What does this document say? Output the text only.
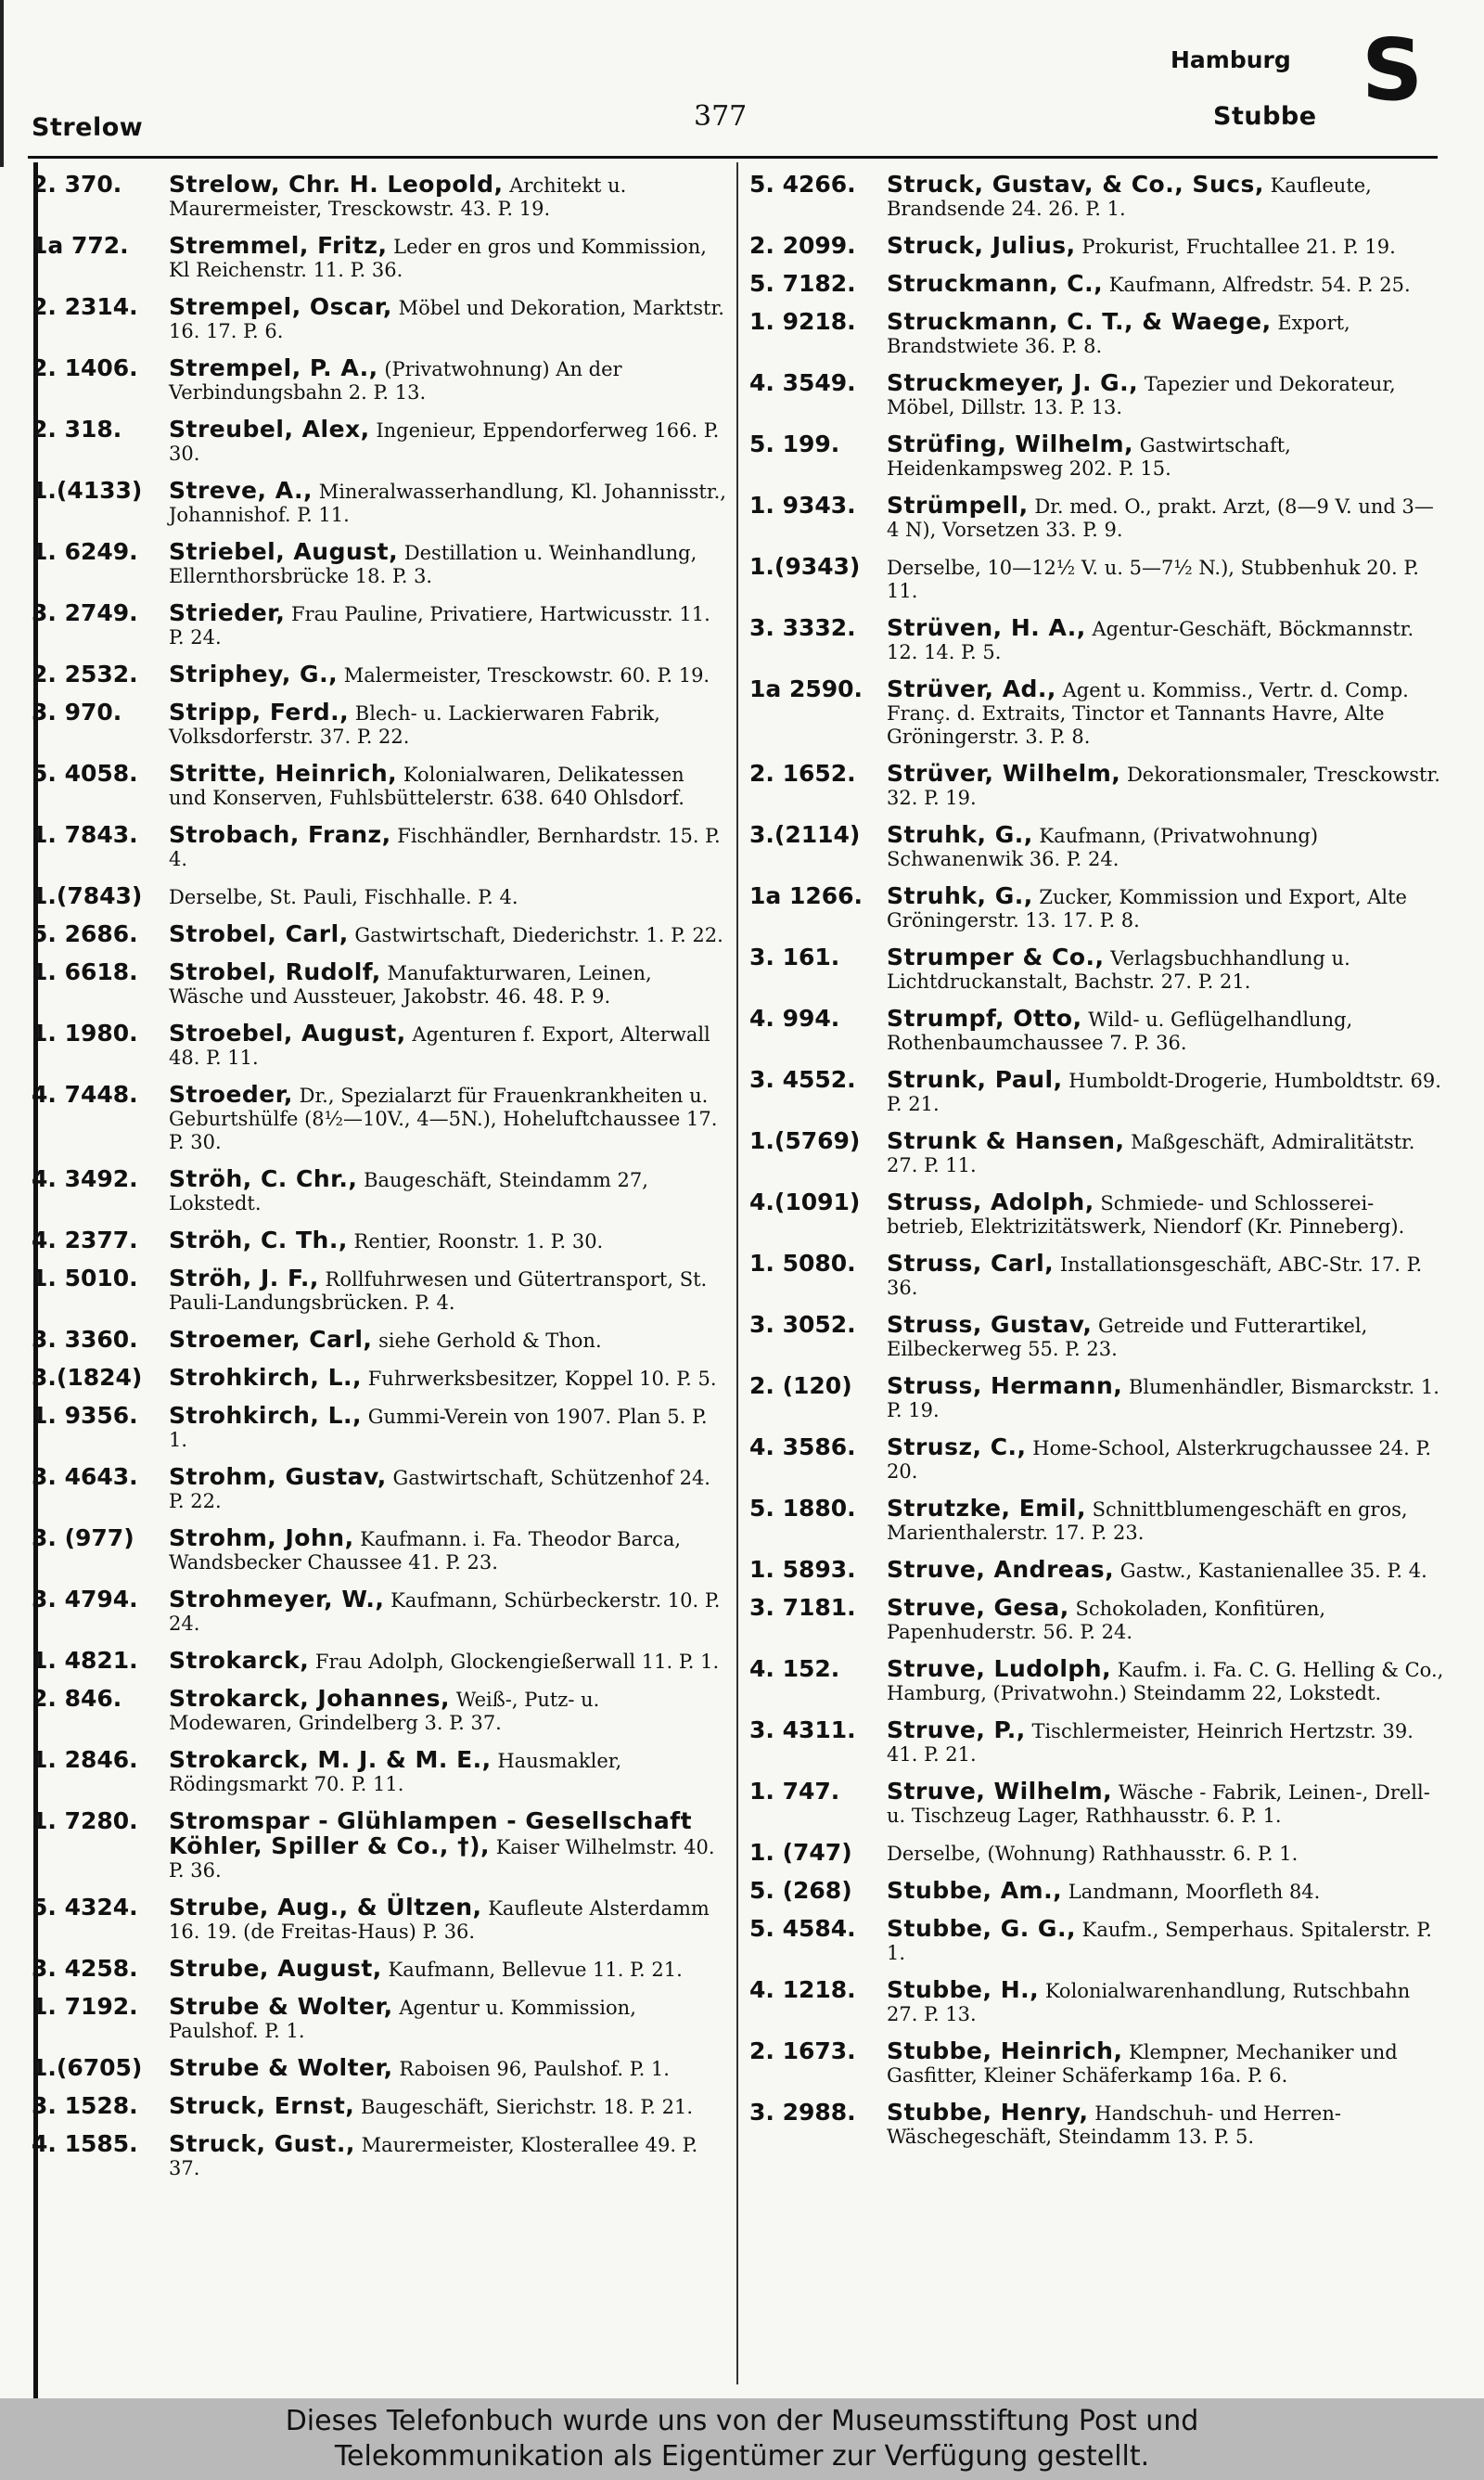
Strelow	377
Hamburg
Stubbe S
2. 370.	Strelow, Chr. H. Leopold, Architekt u. Maurermeister, Tresckowstr. 43. P. 19.
1a 772.	Stremmel, Fritz, Leder en gros und Kommission, Kl Reichenstr. 11. P. 36.
2. 2314.	Strempel, Oscar, Möbel und Dekoration, Marktstr. 16. 17. P. 6.
2. 1406.	Strempel, P. A., (Privatwohnung) An der Verbindungsbahn 2. P. 13.
2. 318.	Streubel, Alex, Ingenieur, Eppendorferweg 166. P. 30.
1.(4133)	Streve, A., Mineralwasserhandlung, Kl. Johannisstr., Johannishof. P. 11.
1. 6249.	Striebel, August, Destillation u. Weinhandlung, Ellernthorsbrücke 18. P. 3.
3. 2749.	Strieder, Frau Pauline, Privatiere, Hartwicusstr. 11. P. 24.
2. 2532.	Striphey, G., Malermeister, Tresckowstr. 60. P. 19.
3. 970.	Stripp, Ferd., Blech- u. Lackierwaren Fabrik, Volksdorferstr. 37. P. 22.
5. 4058.	Stritte, Heinrich, Kolonialwaren, Delikatessen und Konserven, Fuhlsbüttelerstr. 638. 640 Ohlsdorf.
1. 7843.	Strobach, Franz, Fischhändler, Bernhardstr. 15. P. 4.
1.(7843)	Derselbe, St. Pauli, Fischhalle. P. 4.
5. 2686.	Strobel, Carl, Gastwirtschaft, Diederichstr. 1. P. 22.
1. 6618.	Strobel, Rudolf, Manufakturwaren, Leinen, Wäsche und Aussteuer, Jakobstr. 46. 48. P. 9.
1. 1980.	Stroebel, August, Agenturen f. Export, Alterwall 48. P. 11.
4. 7448.	Stroeder, Dr., Spezialarzt für Frauenkrankheiten u. Geburtshülfe (8½—10V., 4—5N.), Hoheluftchaussee 17. P. 30.
4. 3492.	Ströh, C. Chr., Baugeschäft, Steindamm 27, Lokstedt.
4. 2377.	Ströh, C. Th., Rentier, Roonstr. 1. P. 30.
1. 5010.	Ströh, J. F., Rollfuhrwesen und Gütertransport, St. Pauli-Landungsbrücken. P. 4.
3. 3360.	Stroemer, Carl, siehe Gerhold & Thon.
3.(1824)	Strohkirch, L., Fuhrwerksbesitzer, Koppel 10. P. 5.
1. 9356.	Strohkirch, L., Gummi-Verein von 1907. Plan 5. P. 1.
3. 4643.	Strohm, Gustav, Gastwirtschaft, Schützenhof 24. P. 22.
3. (977)	Strohm, John, Kaufmann. i. Fa. Theodor Barca, Wandsbecker Chaussee 41. P. 23.
3. 4794.	Strohmeyer, W., Kaufmann, Schürbeckerstr. 10. P. 24.
1. 4821.	Strokarck, Frau Adolph, Glockengießerwall 11. P. 1.
2. 846.	Strokarck, Johannes, Weiß-, Putz- u. Modewaren, Grindelberg 3. P. 37.
1. 2846.	Strokarck, M. J. & M. E., Hausmakler, Rödingsmarkt 70. P. 11.
1. 7280.	Stromspar - Glühlampen - Gesellschaft Köhler, Spiller & Co., †), Kaiser Wilhelmstr. 40. P. 36.
5. 4324.	Strube, Aug., & Ültzen, Kaufleute Alsterdamm 16. 19. (de Freitas-Haus) P. 36.
3. 4258.	Strube, August, Kaufmann, Bellevue 11. P. 21.
1. 7192.	Strube & Wolter, Agentur u. Kommission, Paulshof. P. 1.
1.(6705)	Strube & Wolter, Raboisen 96, Paulshof. P. 1.
3. 1528.	Struck, Ernst, Baugeschäft, Sierichstr. 18. P. 21.
4. 1585.	Struck, Gust., Maurermeister, Klosterallee 49. P. 37.
5. 4266.	Struck, Gustav, & Co., Sucs, Kaufleute, Brandsende 24. 26. P. 1.
2. 2099.	Struck, Julius, Prokurist, Fruchtallee 21. P. 19.
5. 7182.	Struckmann, C., Kaufmann, Alfredstr. 54. P. 25.
1. 9218.	Struckmann, C. T., & Waege, Export, Brandstwiete 36. P. 8.
4. 3549.	Struckmeyer, J. G., Tapezier und Dekorateur, Möbel, Dillstr. 13. P. 13.
5. 199.	Strüfing, Wilhelm, Gastwirtschaft, Heidenkampsweg 202. P. 15.
1. 9343.	Strümpell, Dr. med. O., prakt. Arzt, (8—9 V. und 3—4 N), Vorsetzen 33. P. 9.
1.(9343)	Derselbe, 10—12½ V. u. 5—7½ N.), Stubbenhuk 20. P. 11.
3. 3332.	Strüven, H. A., Agentur-Geschäft, Böckmannstr. 12. 14. P. 5.
1a 2590.	Strüver, Ad., Agent u. Kommiss., Vertr. d. Comp. Franç. d. Extraits, Tinctor et Tannants Havre, Alte Gröningerstr. 3. P. 8.
2. 1652.	Strüver, Wilhelm, Dekorationsmaler, Tresckowstr. 32. P. 19.
3.(2114)	Struhk, G., Kaufmann, (Privatwohnung) Schwanenwik 36. P. 24.
1a 1266.	Struhk, G., Zucker, Kommission und Export, Alte Gröningerstr. 13. 17. P. 8.
3. 161.	Strumper & Co., Verlagsbuchhandlung u. Lichtdruckanstalt, Bachstr. 27. P. 21.
4. 994.	Strumpf, Otto, Wild- u. Geflügelhandlung, Rothenbaumchaussee 7. P. 36.
3. 4552.	Strunk, Paul, Humboldt-Drogerie, Humboldtstr. 69. P. 21.
1.(5769)	Strunk & Hansen, Maßgeschäft, Admiralitätstr. 27. P. 11.
4.(1091)	Struss, Adolph, Schmiede- und Schlosserei-betrieb, Elektrizitätswerk, Niendorf (Kr. Pinneberg).
1. 5080.	Struss, Carl, Installationsgeschäft, ABC-Str. 17. P. 36.
3. 3052.	Struss, Gustav, Getreide und Futterartikel, Eilbeckerweg 55. P. 23.
2. (120)	Struss, Hermann, Blumenhändler, Bismarckstr. 1. P. 19.
4. 3586.	Strusz, C., Home-School, Alsterkrugchaussee 24. P. 20.
5. 1880.	Strutzke, Emil, Schnittblumengeschäft en gros, Marienthalerstr. 17. P. 23.
1. 5893.	Struve, Andreas, Gastw., Kastanienallee 35. P. 4.
3. 7181.	Struve, Gesa, Schokoladen, Konfitüren, Papenhuderstr. 56. P. 24.
4. 152.	Struve, Ludolph, Kaufm. i. Fa. C. G. Helling & Co., Hamburg, (Privatwohn.) Steindamm 22, Lokstedt.
3. 4311.	Struve, P., Tischlermeister, Heinrich Hertzstr. 39. 41. P. 21.
1. 747.	Struve, Wilhelm, Wäsche - Fabrik, Leinen-, Drell- u. Tischzeug Lager, Rathhausstr. 6. P. 1.
1. (747)	Derselbe, (Wohnung) Rathhausstr. 6. P. 1.
5. (268)	Stubbe, Am., Landmann, Moorfleth 84.
5. 4584.	Stubbe, G. G., Kaufm., Semperhaus. Spitalerstr. P. 1.
4. 1218.	Stubbe, H., Kolonialwarenhandlung, Rutschbahn 27. P. 13.
2. 1673.	Stubbe, Heinrich, Klempner, Mechaniker und Gasfitter, Kleiner Schäferkamp 16a. P. 6.
3. 2988.	Stubbe, Henry, Handschuh- und Herren-Wäschegeschäft, Steindamm 13. P. 5.
Dieses Telefonbuch wurde uns von der Museumsstiftung Post und
Telekommunikation als Eigentümer zur Verfügung gestellt.
